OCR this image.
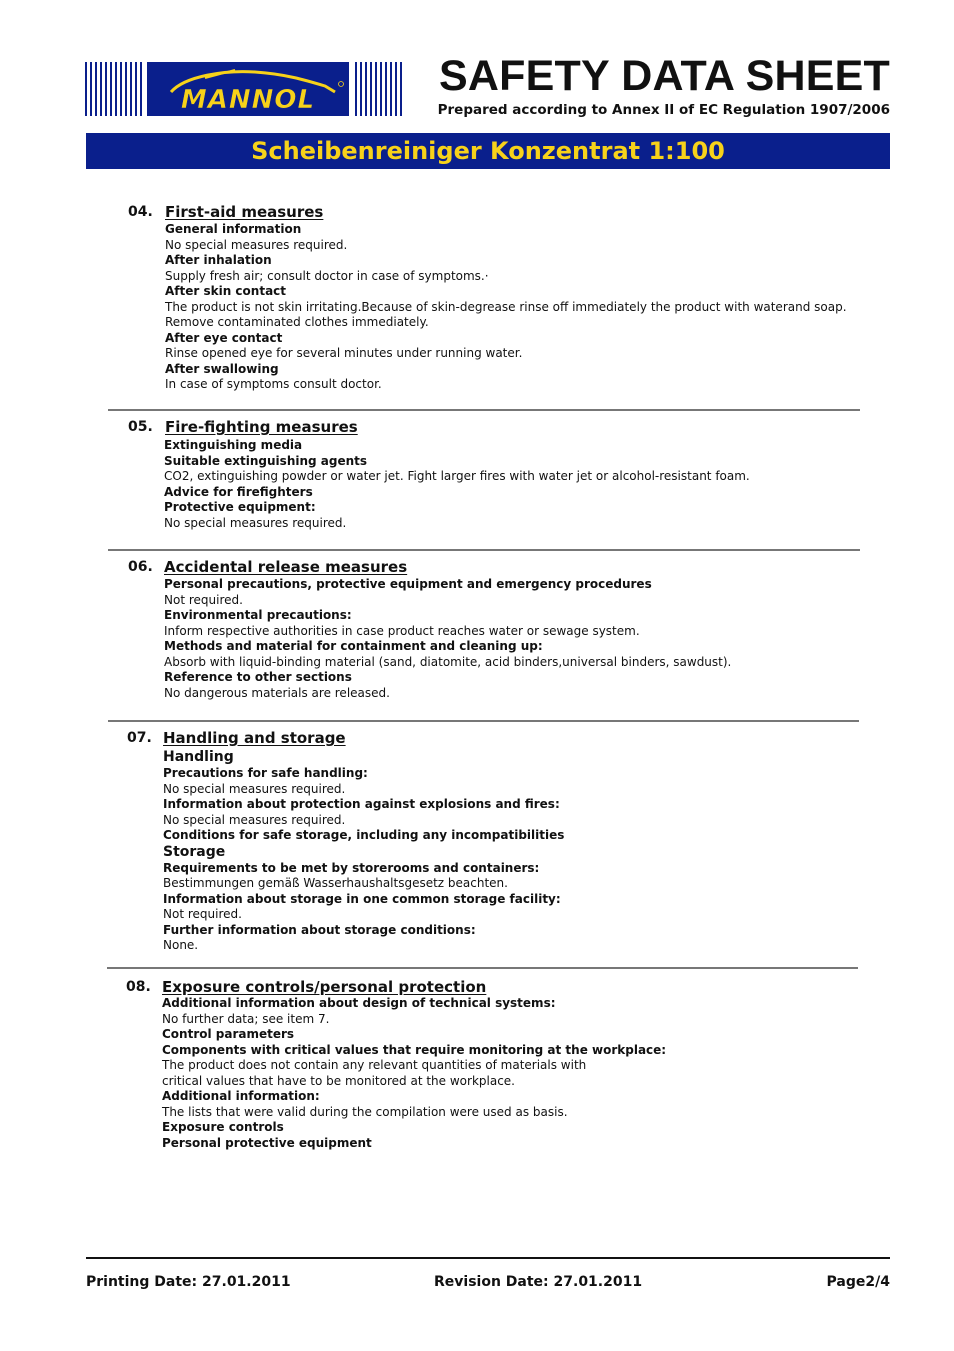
MANNOL	SAFETY DATA SHEET
Prepared according to Annex II of EC Regulation 1907/2006
Scheibenreiniger Konzentrat 1:100
04. First-aid measures
General information
No special measures required.
After inhalation
Supply fresh air; consult doctor in case of symptoms.·
After skin contact
The product is not skin irritating.Because of skin-degrease rinse off immediately the product with waterand soap.
Remove contaminated clothes immediately.
After eye contact
Rinse opened eye for several minutes under running water.
After swallowing
In case of symptoms consult doctor.
05. Fire-fighting measures
Extinguishing media
Suitable extinguishing agents
CO2, extinguishing powder or water jet. Fight larger fires with water jet or alcohol-resistant foam.
Advice for firefighters
Protective equipment:
No special measures required.
06. Accidental release measures
Personal precautions, protective equipment and emergency procedures
Not required.
Environmental precautions:
Inform respective authorities in case product reaches water or sewage system.
Methods and material for containment and cleaning up:
Absorb with liquid-binding material (sand, diatomite, acid binders,universal binders, sawdust).
Reference to other sections
No dangerous materials are released.
07. Handling and storage
Handling
Precautions for safe handling:
No special measures required.
Information about protection against explosions and fires:
No special measures required.
Conditions for safe storage, including any incompatibilities
Storage
Requirements to be met by storerooms and containers:
Bestimmungen gemäß Wasserhaushaltsgesetz beachten.
Information about storage in one common storage facility:
Not required.
Further information about storage conditions:
None.
08. Exposure controls/personal protection
Additional information about design of technical systems:
No further data; see item 7.
Control parameters
Components with critical values that require monitoring at the workplace:
The product does not contain any relevant quantities of materials with
critical values that have to be monitored at the workplace.
Additional information:
The lists that were valid during the compilation were used as basis.
Exposure controls
Personal protective equipment
Printing Date: 27.01.2011	Revision Date: 27.01.2011	Page2/4
